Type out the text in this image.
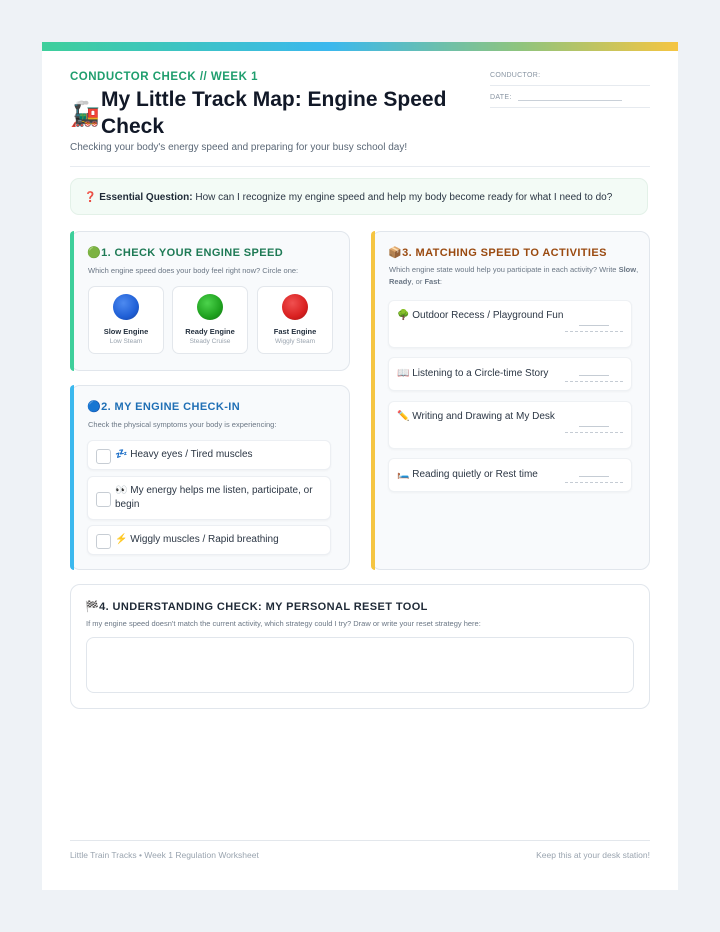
CONDUCTOR CHECK // WEEK 1
🚂
My Little Track Map: Engine Speed Check
Checking your body's energy speed and preparing for your busy school day!
CONDUCTOR:
DATE:
❓ Essential Question: How can I recognize my engine speed and help my body become ready for what I need to do?
🟢1. CHECK YOUR ENGINE SPEED
Which engine speed does your body feel right now? Circle one:
Slow Engine
Low Steam
Ready Engine
Steady Cruise
Fast Engine
Wiggly Steam
🔵2. MY ENGINE CHECK-IN
Check the physical symptoms your body is experiencing:
💤 Heavy eyes / Tired muscles
👀 My energy helps me listen, participate, or begin
⚡ Wiggly muscles / Rapid breathing
📦3. MATCHING SPEED TO ACTIVITIES
Which engine state would help you participate in each activity? Write Slow, Ready, or Fast:
🌳 Outdoor Recess / Playground Fun
📖 Listening to a Circle-time Story
✏️ Writing and Drawing at My Desk
🛏️ Reading quietly or Rest time
🏁4. UNDERSTANDING CHECK: MY PERSONAL RESET TOOL
If my engine speed doesn't match the current activity, which strategy could I try? Draw or write your reset strategy here:
Little Train Tracks • Week 1 Regulation Worksheet	Keep this at your desk station!
